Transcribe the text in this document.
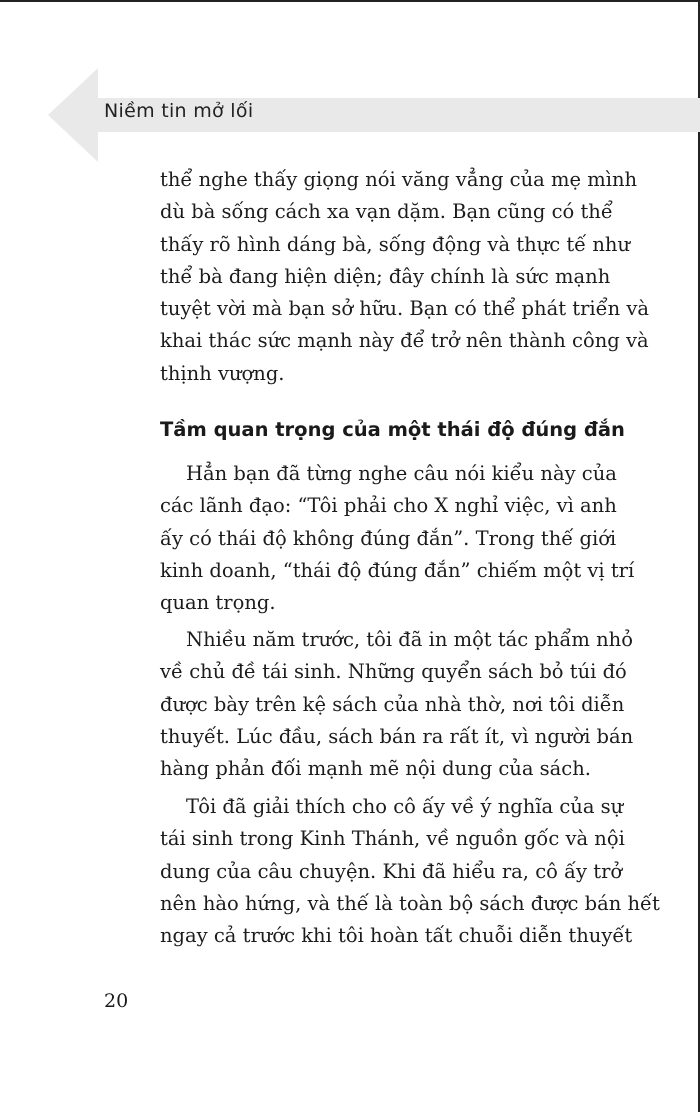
Niềm tin mở lối
thể nghe thấy giọng nói văng vẳng của mẹ mình
dù bà sống cách xa vạn dặm. Bạn cũng có thể
thấy rõ hình dáng bà, sống động và thực tế như
thể bà đang hiện diện; đây chính là sức mạnh
tuyệt vời mà bạn sở hữu. Bạn có thể phát triển và
khai thác sức mạnh này để trở nên thành công và
thịnh vượng.
Tầm quan trọng của một thái độ đúng đắn
Hẳn bạn đã từng nghe câu nói kiểu này của
các lãnh đạo: “Tôi phải cho X nghỉ việc, vì anh
ấy có thái độ không đúng đắn”. Trong thế giới
kinh doanh, “thái độ đúng đắn” chiếm một vị trí
quan trọng.
Nhiều năm trước, tôi đã in một tác phẩm nhỏ
về chủ đề tái sinh. Những quyển sách bỏ túi đó
được bày trên kệ sách của nhà thờ, nơi tôi diễn
thuyết. Lúc đầu, sách bán ra rất ít, vì người bán
hàng phản đối mạnh mẽ nội dung của sách.
Tôi đã giải thích cho cô ấy về ý nghĩa của sự
tái sinh trong Kinh Thánh, về nguồn gốc và nội
dung của câu chuyện. Khi đã hiểu ra, cô ấy trở
nên hào hứng, và thế là toàn bộ sách được bán hết
ngay cả trước khi tôi hoàn tất chuỗi diễn thuyết
20
